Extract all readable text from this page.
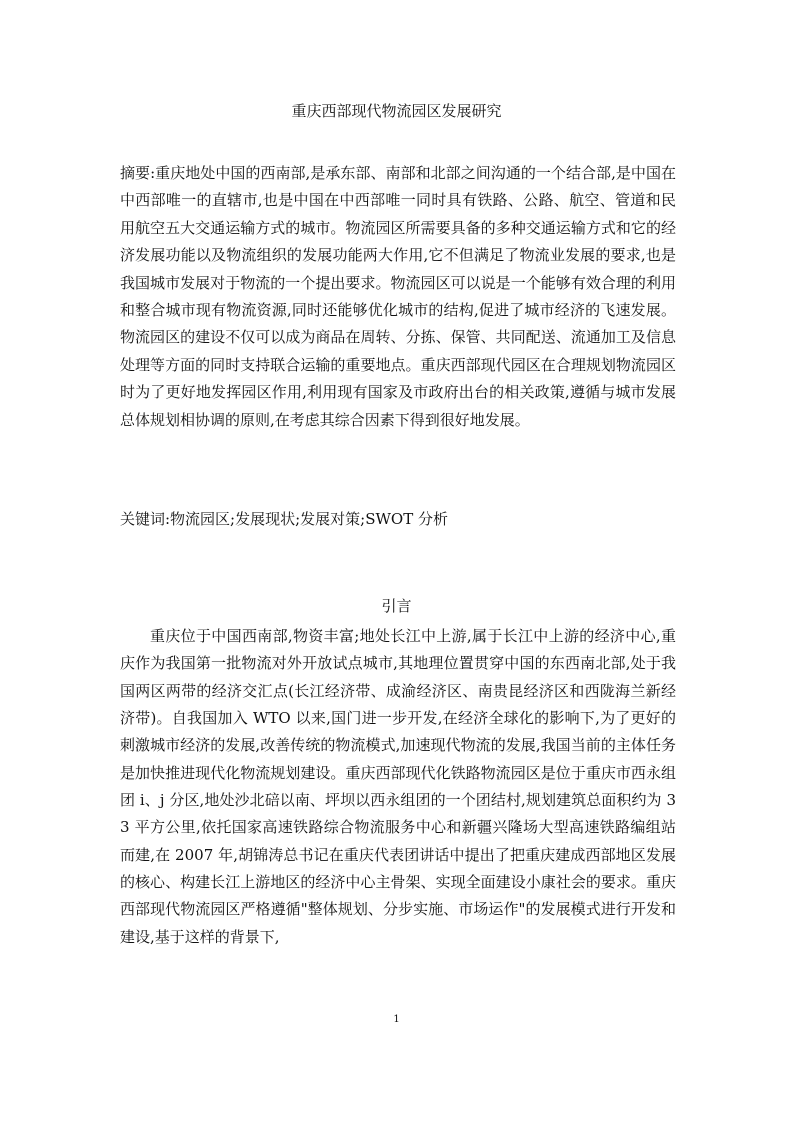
重庆西部现代物流园区发展研究

摘要:重庆地处中国的西南部,是承东部、南部和北部之间沟通的一个结合部,是中国在中西部唯一的直辖市,也是中国在中西部唯一同时具有铁路、公路、航空、管道和民用航空五大交通运输方式的城市。物流园区所需要具备的多种交通运输方式和它的经济发展功能以及物流组织的发展功能两大作用,它不但满足了物流业发展的要求,也是我国城市发展对于物流的一个提出要求。物流园区可以说是一个能够有效合理的利用和整合城市现有物流资源,同时还能够优化城市的结构,促进了城市经济的飞速发展。物流园区的建设不仅可以成为商品在周转、分拣、保管、共同配送、流通加工及信息处理等方面的同时支持联合运输的重要地点。重庆西部现代园区在合理规划物流园区时为了更好地发挥园区作用,利用现有国家及市政府出台的相关政策,遵循与城市发展总体规划相协调的原则,在考虑其综合因素下得到很好地发展。

关键词:物流园区;发展现状;发展对策;SWOT 分析

引言

重庆位于中国西南部,物资丰富;地处长江中上游,属于长江中上游的经济中心,重庆作为我国第一批物流对外开放试点城市,其地理位置贯穿中国的东西南北部,处于我国两区两带的经济交汇点(长江经济带、成渝经济区、南贵昆经济区和西陇海兰新经济带)。自我国加入 WTO 以来,国门进一步开发,在经济全球化的影响下,为了更好的刺激城市经济的发展,改善传统的物流模式,加速现代物流的发展,我国当前的主体任务是加快推进现代化物流规划建设。重庆西部现代化铁路物流园区是位于重庆市西永组团 i、j 分区,地处沙北碚以南、坪坝以西永组团的一个团结村,规划建筑总面积约为 33 平方公里,依托国家高速铁路综合物流服务中心和新疆兴隆场大型高速铁路编组站而建,在 2007 年,胡锦涛总书记在重庆代表团讲话中提出了把重庆建成西部地区发展的核心、构建长江上游地区的经济中心主骨架、实现全面建设小康社会的要求。重庆西部现代物流园区严格遵循"整体规划、分步实施、市场运作"的发展模式进行开发和建设,基于这样的背景下,

1
